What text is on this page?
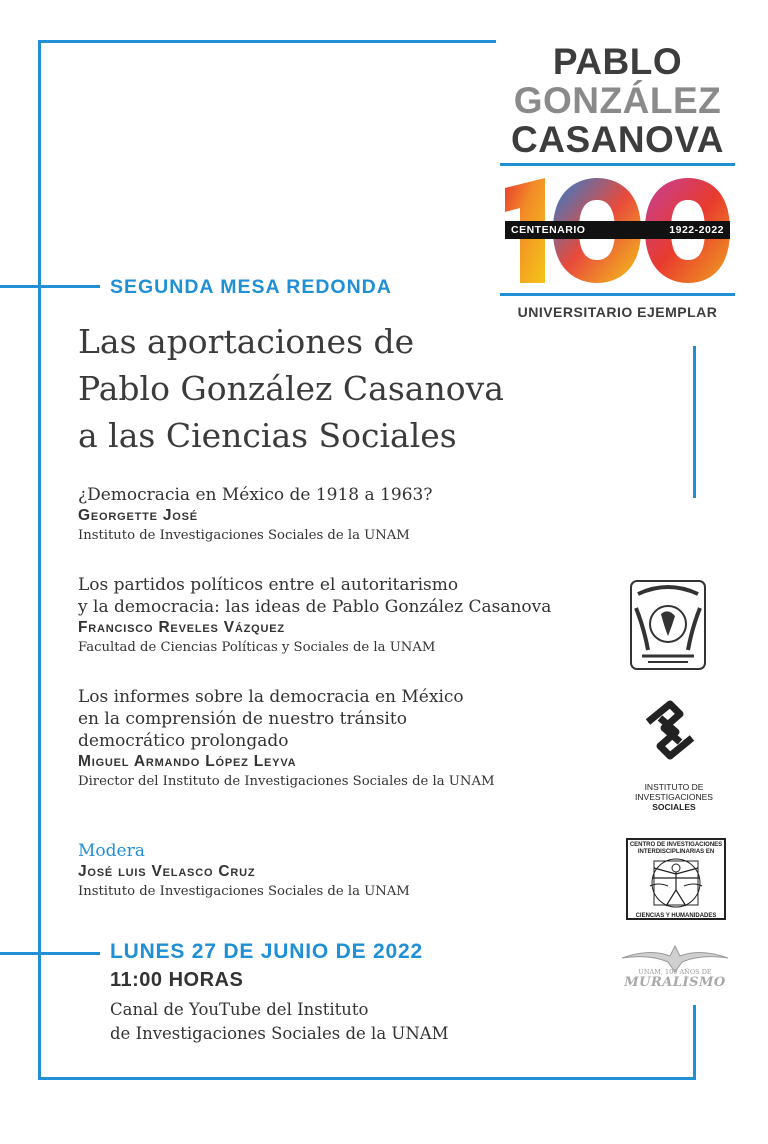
PABLO
GONZÁLEZ
CASANOVA
CENTENARIO	1922-2022
UNIVERSITARIO EJEMPLAR
SEGUNDA MESA REDONDA
Las aportaciones de
Pablo González Casanova
a las Ciencias Sociales
¿Democracia en México de 1918 a 1963?
Georgette José
Instituto de Investigaciones Sociales de la UNAM
Los partidos políticos entre el autoritarismo
y la democracia: las ideas de Pablo González Casanova
Francisco Reveles Vázquez
Facultad de Ciencias Políticas y Sociales de la UNAM
Los informes sobre la democracia en México
en la comprensión de nuestro tránsito
democrático prolongado
Miguel Armando López Leyva
Director del Instituto de Investigaciones Sociales de la UNAM
Modera
José luis Velasco Cruz
Instituto de Investigaciones Sociales de la UNAM
LUNES 27 DE JUNIO DE 2022
11:00 HORAS
Canal de YouTube del Instituto
de Investigaciones Sociales de la UNAM
INSTITUTO DE
INVESTIGACIONES
SOCIALES
CENTRO DE INVESTIGACIONES
INTERDISCIPLINARIAS EN
CIENCIAS Y HUMANIDADES
UNAM, 100 AÑOS DE
MURALISMO
